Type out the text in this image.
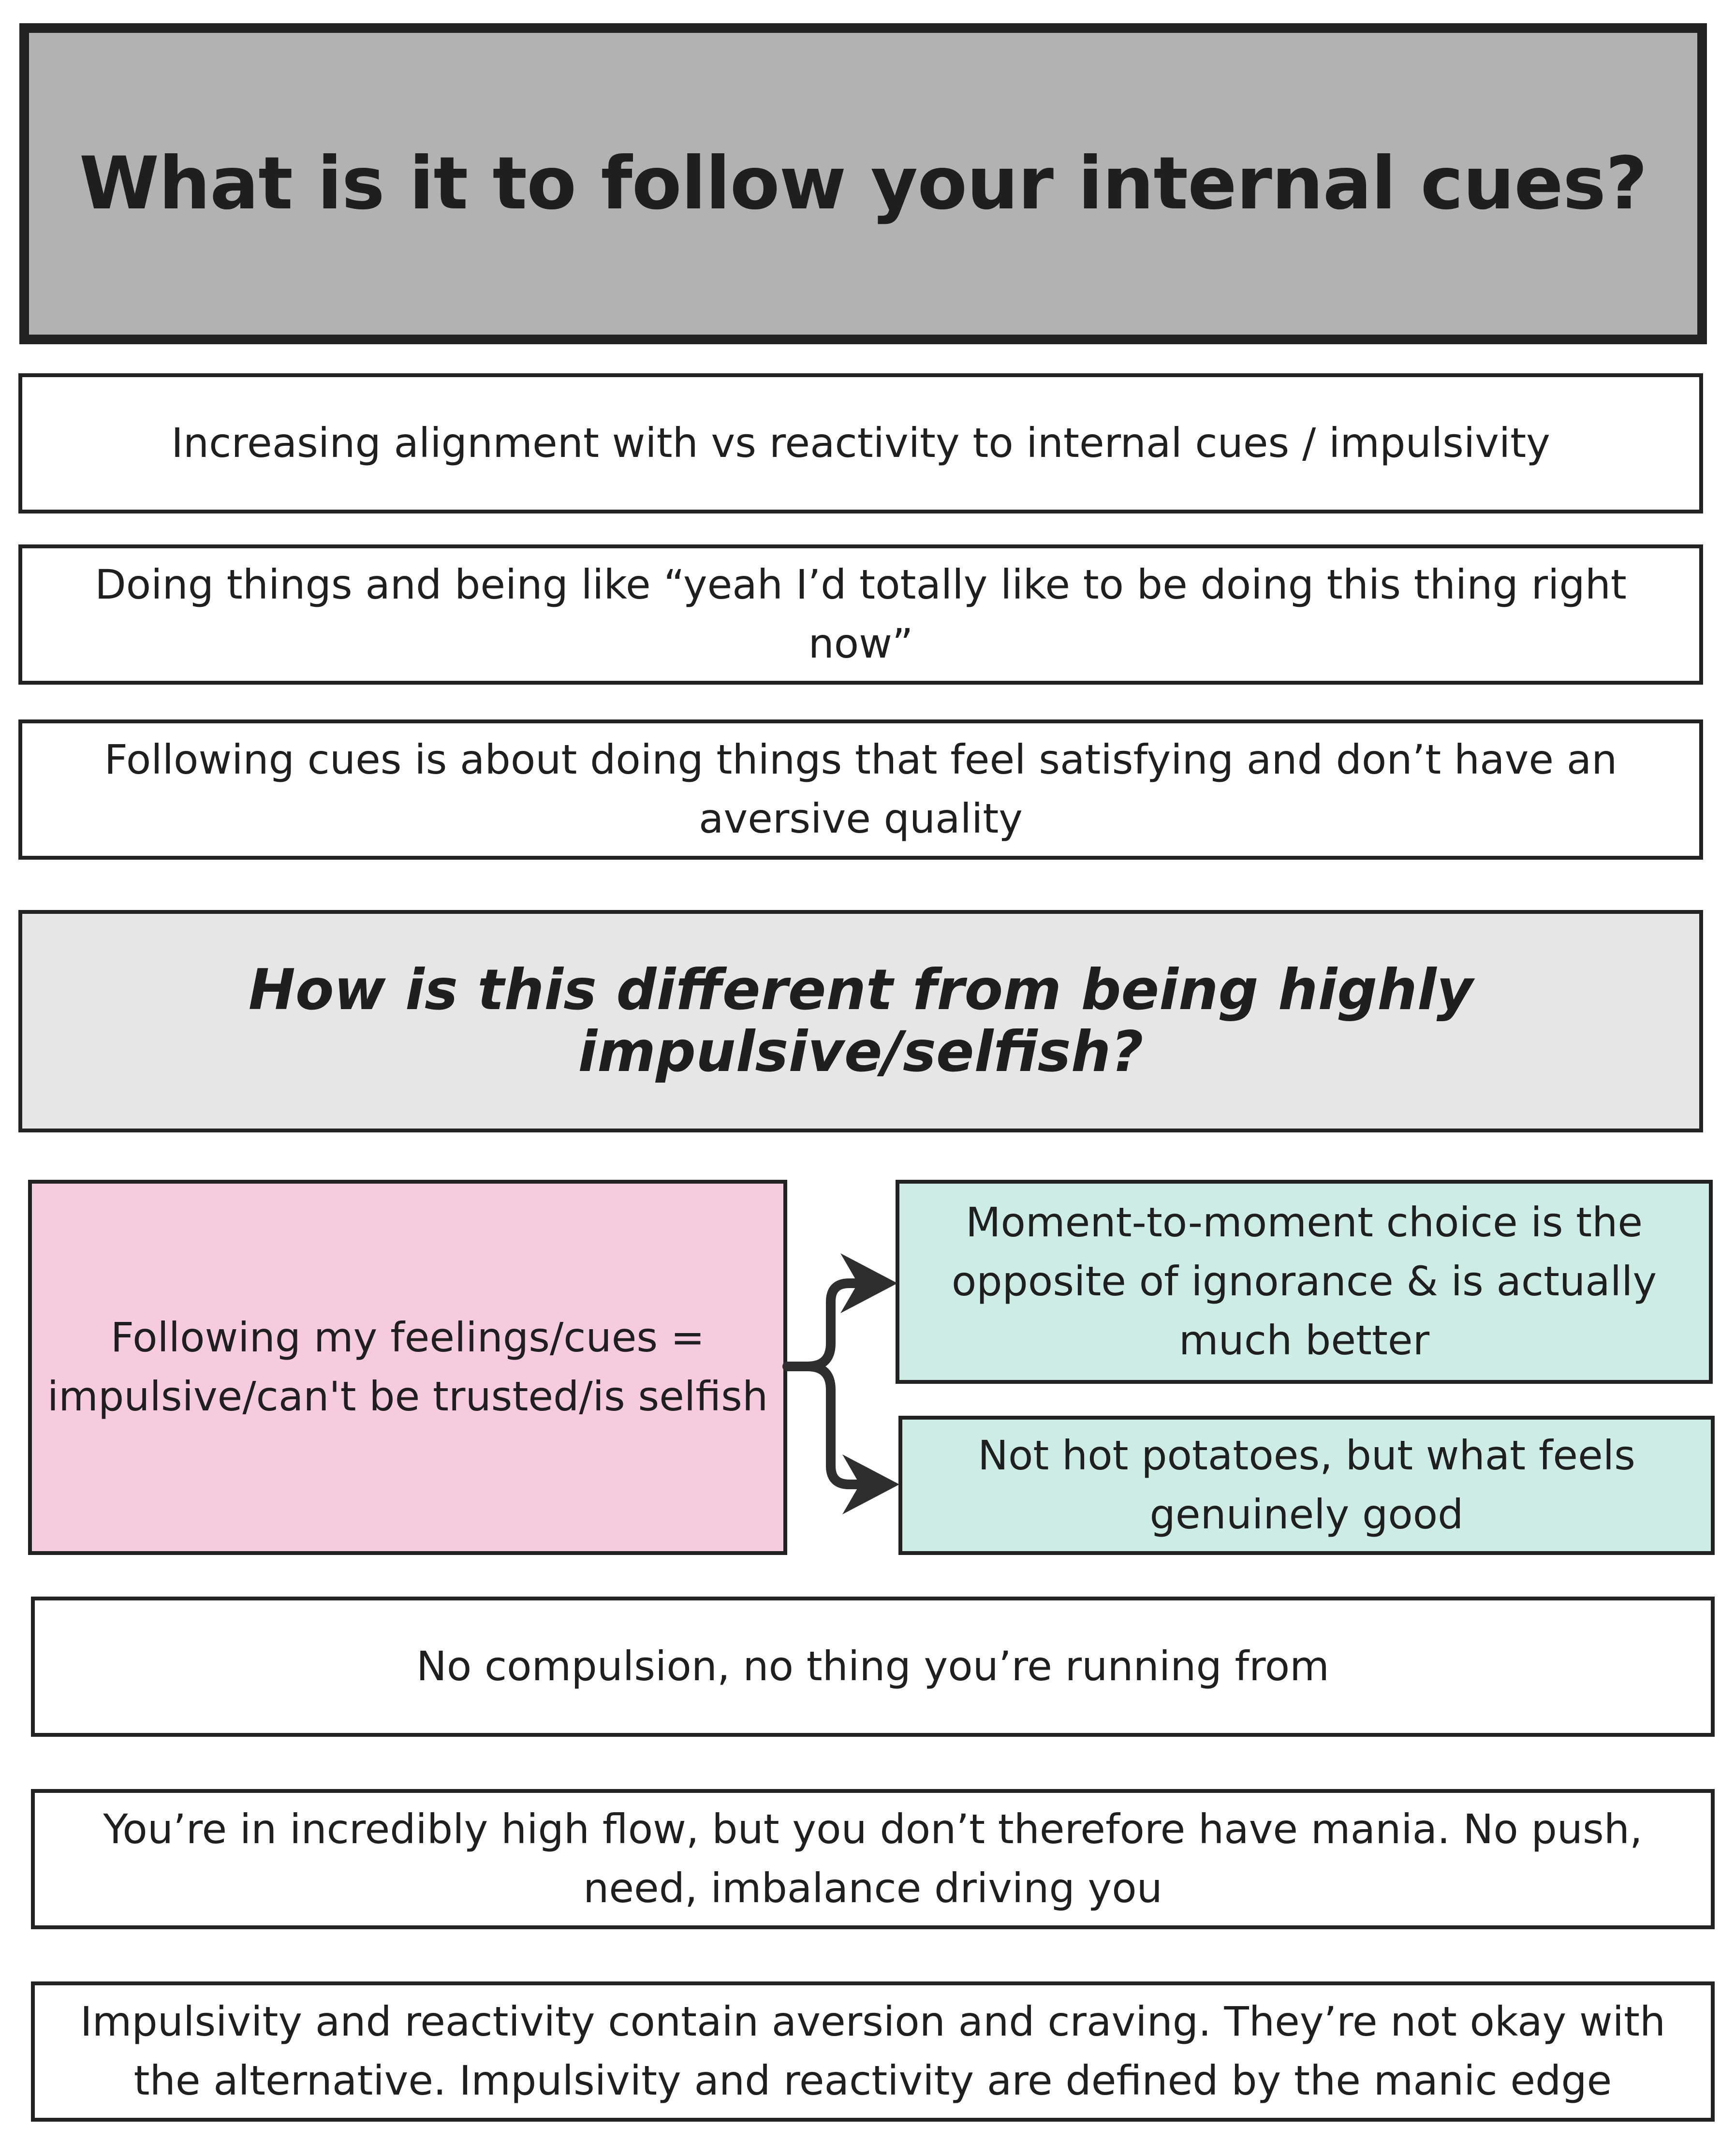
What is it to follow your internal cues?
Increasing alignment with vs reactivity to internal cues / impulsivity
Doing things and being like “yeah I’d totally like to be doing this thing right now”
Following cues is about doing things that feel satisfying and don’t have an aversive quality
How is this different from being highly impulsive/selfish?
Following my feelings/cues = impulsive/can't be trusted/is selfish
Moment-to-moment choice is the opposite of ignorance & is actually much better
Not hot potatoes, but what feels genuinely good
No compulsion, no thing you’re running from
You’re in incredibly high flow, but you don’t therefore have mania. No push, need, imbalance driving you
Impulsivity and reactivity contain aversion and craving. They’re not okay with the alternative. Impulsivity and reactivity are defined by the manic edge
